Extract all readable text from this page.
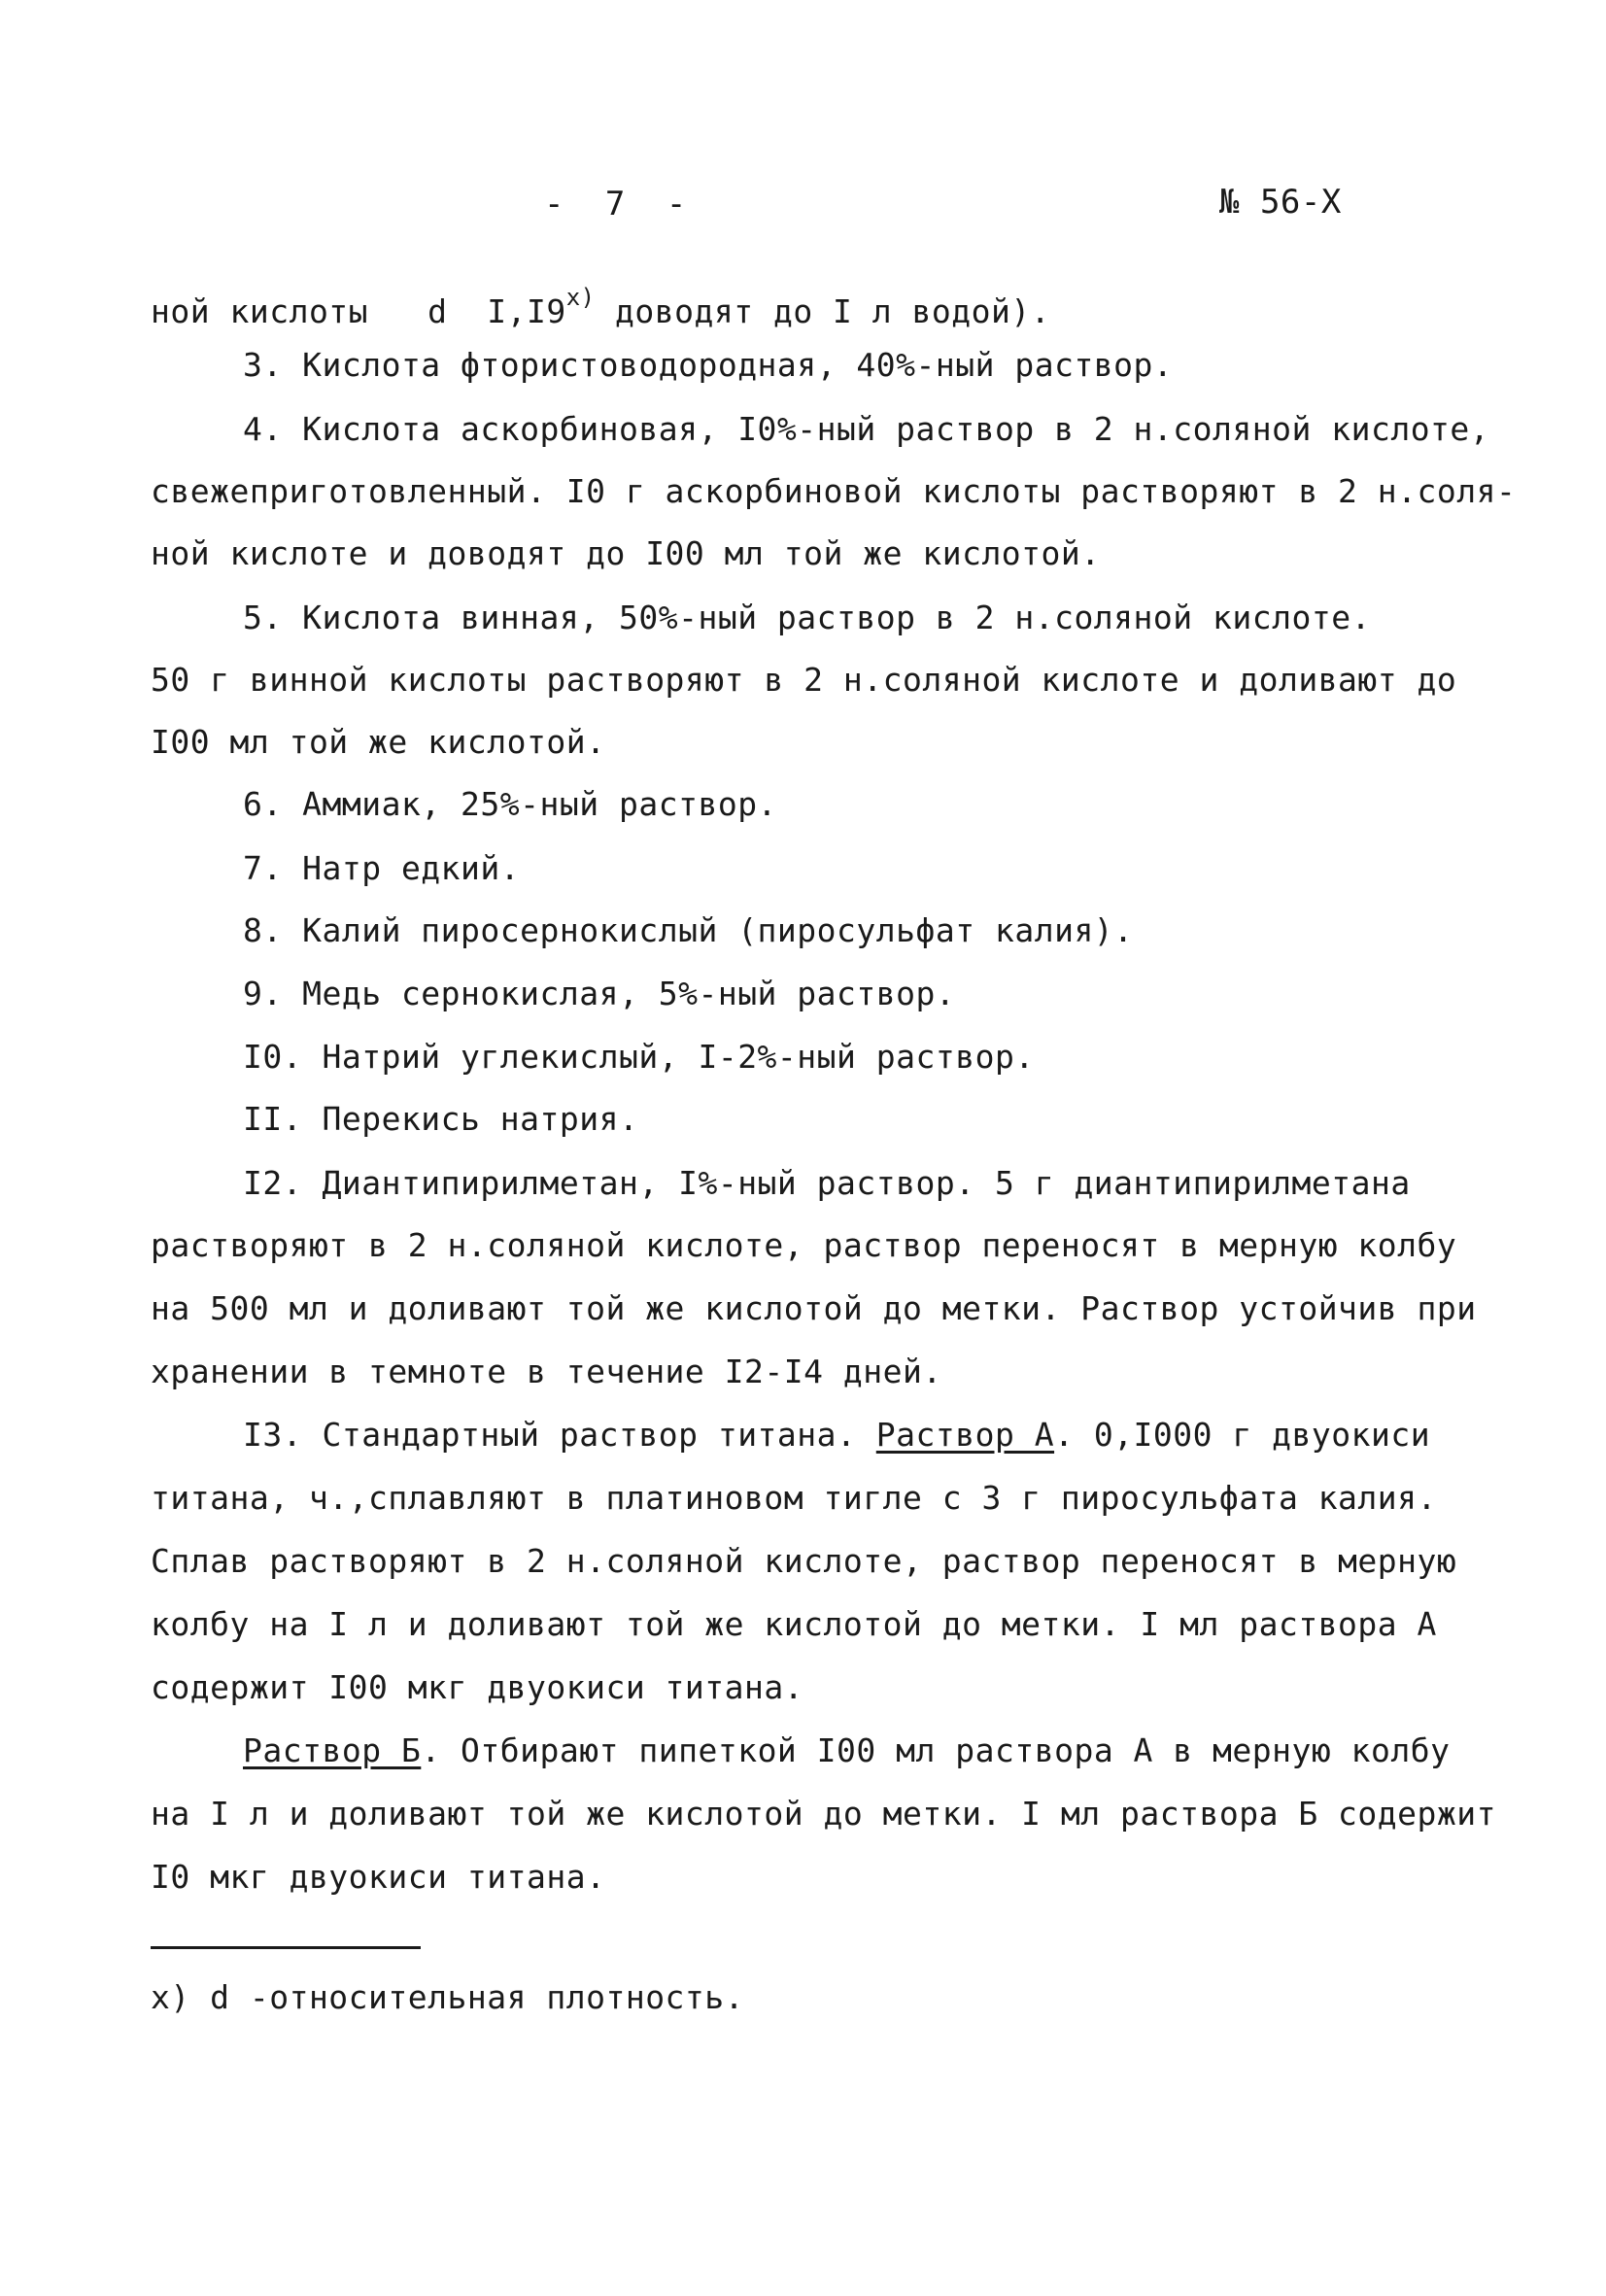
-  7  -	№ 56-Х
ной кислоты   d  $I,I9^{х)}$ доводят до I л водой).
3. Кислота фтористоводородная, 40%-ный раствор.
4. Кислота аскорбиновая, I0%-ный раствор в 2 н.соляной кислоте,
свежеприготовленный. I0 г аскорбиновой кислоты растворяют в 2 н.соля-
ной кислоте и доводят до I00 мл той же кислотой.
5. Кислота винная, 50%-ный раствор в 2 н.соляной кислоте.
50 г винной кислоты растворяют в 2 н.соляной кислоте и доливают до
I00 мл той же кислотой.
6. Аммиак, 25%-ный раствор.
7. Натр едкий.
8. Калий пиросернокислый (пиросульфат калия).
9. Медь сернокислая, 5%-ный раствор.
I0. Натрий углекислый, I-2%-ный раствор.
II. Перекись натрия.
I2. Диантипирилметан, I%-ный раствор. 5 г диантипирилметана
растворяют в 2 н.соляной кислоте, раствор переносят в мерную колбу
на 500 мл и доливают той же кислотой до метки. Раствор устойчив при
хранении в темноте в течение I2-I4 дней.
I3. Стандартный раствор титана. Раствор А. 0,I000 г двуокиси
титана, ч.,сплавляют в платиновом тигле с 3 г пиросульфата калия.
Сплав растворяют в 2 н.соляной кислоте, раствор переносят в мерную
колбу на I л и доливают той же кислотой до метки. I мл раствора А
содержит I00 мкг двуокиси титана.
Раствор Б. Отбирают пипеткой I00 мл раствора А в мерную колбу
на I л и доливают той же кислотой до метки. I мл раствора Б содержит
I0 мкг двуокиси титана.
х) d -относительная плотность.
